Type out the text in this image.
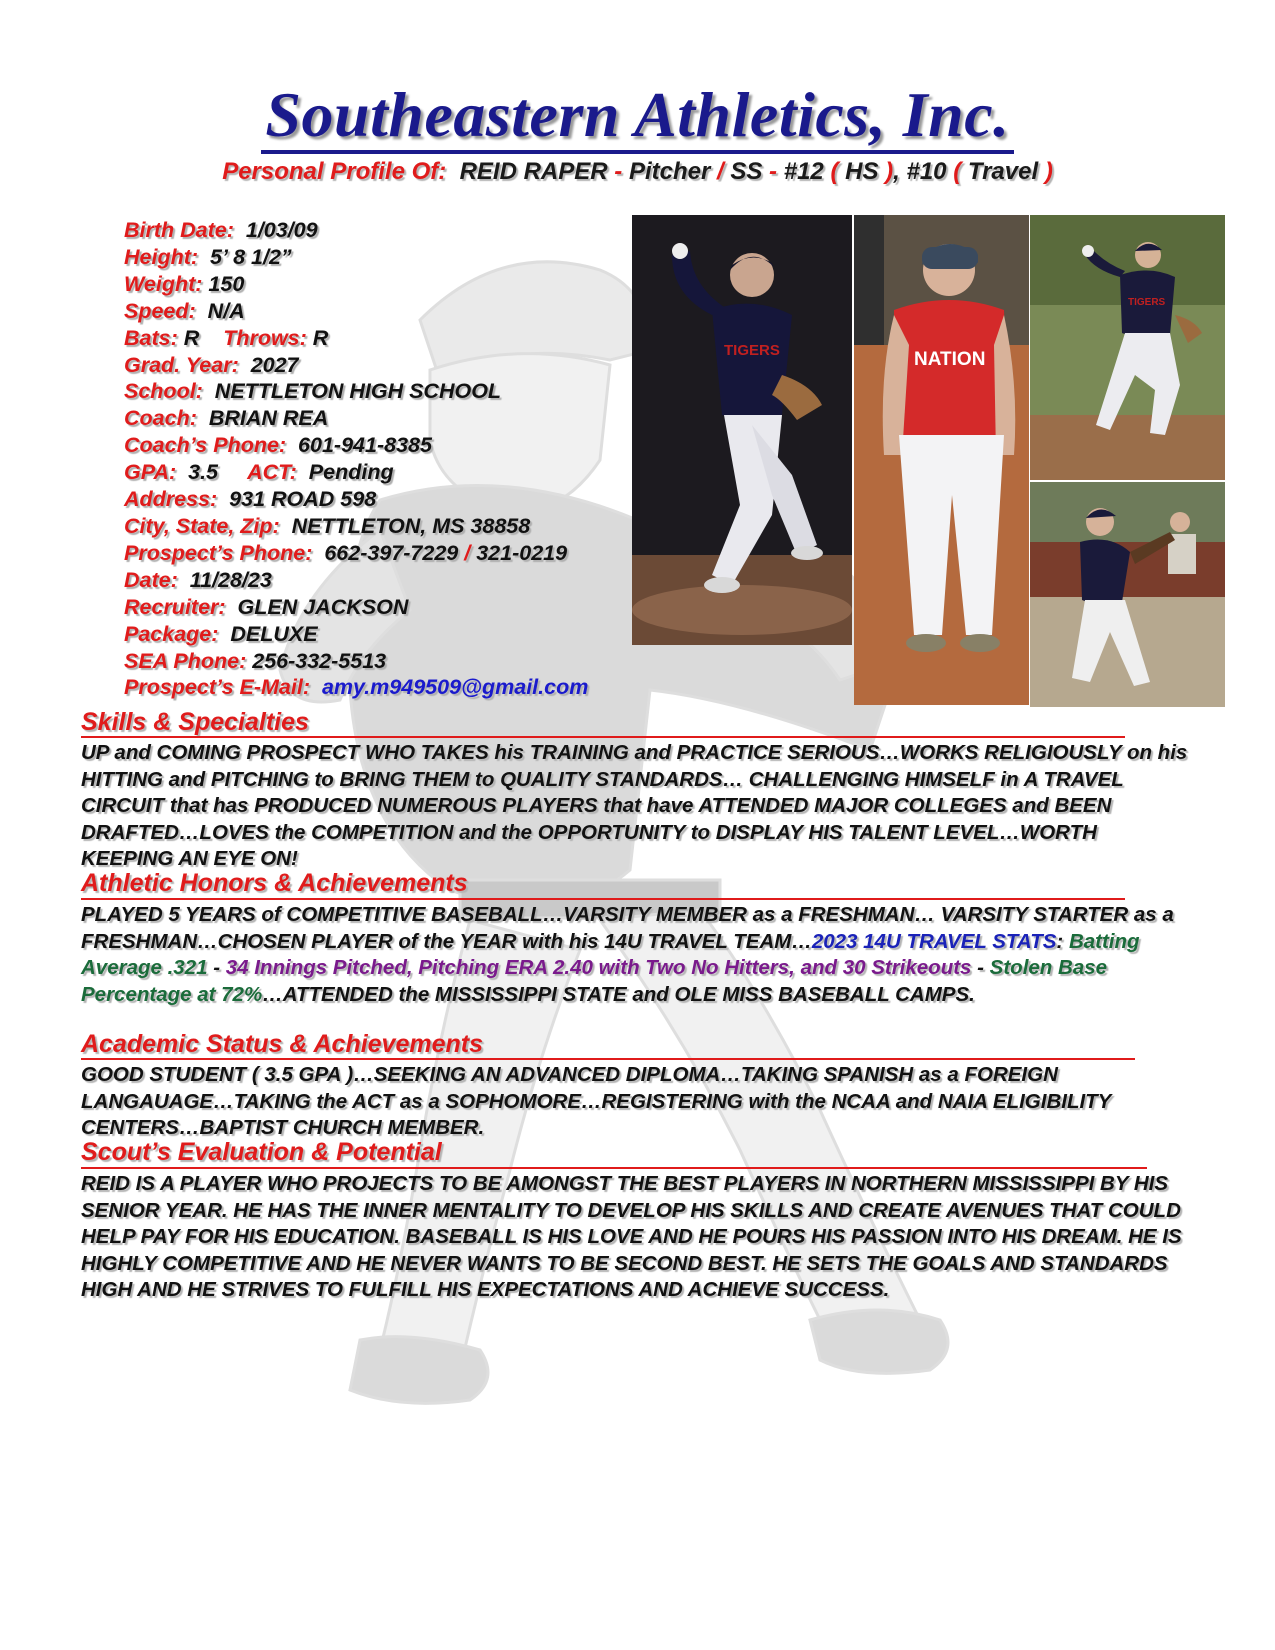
Southeastern Athletics, Inc.
Personal Profile Of: REID RAPER - Pitcher / SS - #12 ( HS ), #10 ( Travel )
Birth Date: 1/03/09
Height: 5’ 8 1/2”
Weight: 150
Speed: N/A
Bats: R Throws: R
Grad. Year: 2027
School: NETTLETON HIGH SCHOOL
Coach: BRIAN REA
Coach’s Phone: 601-941-8385
GPA: 3.5 ACT: Pending
Address: 931 ROAD 598
City, State, Zip: NETTLETON, MS 38858
Prospect’s Phone: 662-397-7229 / 321-0219
Date: 11/28/23
Recruiter: GLEN JACKSON
Package: DELUXE
SEA Phone: 256-332-5513
Prospect’s E-Mail: amy.m949509@gmail.com
TIGERS	NATION
TIGERS
Skills & Specialties
UP and COMING PROSPECT WHO TAKES his TRAINING and PRACTICE SERIOUS…WORKS RELIGIOUSLY on his HITTING and PITCHING to BRING THEM to QUALITY STANDARDS… CHALLENGING HIMSELF in A TRAVEL CIRCUIT that has PRODUCED NUMEROUS PLAYERS that have ATTENDED MAJOR COLLEGES and BEEN DRAFTED…LOVES the COMPETITION and the OPPORTUNITY to DISPLAY HIS TALENT LEVEL…WORTH KEEPING AN EYE ON!
Athletic Honors & Achievements
PLAYED 5 YEARS of COMPETITIVE BASEBALL…VARSITY MEMBER as a FRESHMAN… VARSITY STARTER as a FRESHMAN…CHOSEN PLAYER of the YEAR with his 14U TRAVEL TEAM…2023 14U TRAVEL STATS: Batting Average .321 - 34 Innings Pitched, Pitching ERA 2.40 with Two No Hitters, and 30 Strikeouts - Stolen Base Percentage at 72%…ATTENDED the MISSISSIPPI STATE and OLE MISS BASEBALL CAMPS.
Academic Status & Achievements
GOOD STUDENT ( 3.5 GPA )…SEEKING AN ADVANCED DIPLOMA…TAKING SPANISH as a FOREIGN LANGAUAGE…TAKING the ACT as a SOPHOMORE…REGISTERING with the NCAA and NAIA ELIGIBILITY CENTERS…BAPTIST CHURCH MEMBER.
Scout’s Evaluation & Potential
REID IS A PLAYER WHO PROJECTS TO BE AMONGST THE BEST PLAYERS IN NORTHERN MISSISSIPPI BY HIS SENIOR YEAR. HE HAS THE INNER MENTALITY TO DEVELOP HIS SKILLS AND CREATE AVENUES THAT COULD HELP PAY FOR HIS EDUCATION. BASEBALL IS HIS LOVE AND HE POURS HIS PASSION INTO HIS DREAM. HE IS HIGHLY COMPETITIVE AND HE NEVER WANTS TO BE SECOND BEST. HE SETS THE GOALS AND STANDARDS HIGH AND HE STRIVES TO FULFILL HIS EXPECTATIONS AND ACHIEVE SUCCESS.
